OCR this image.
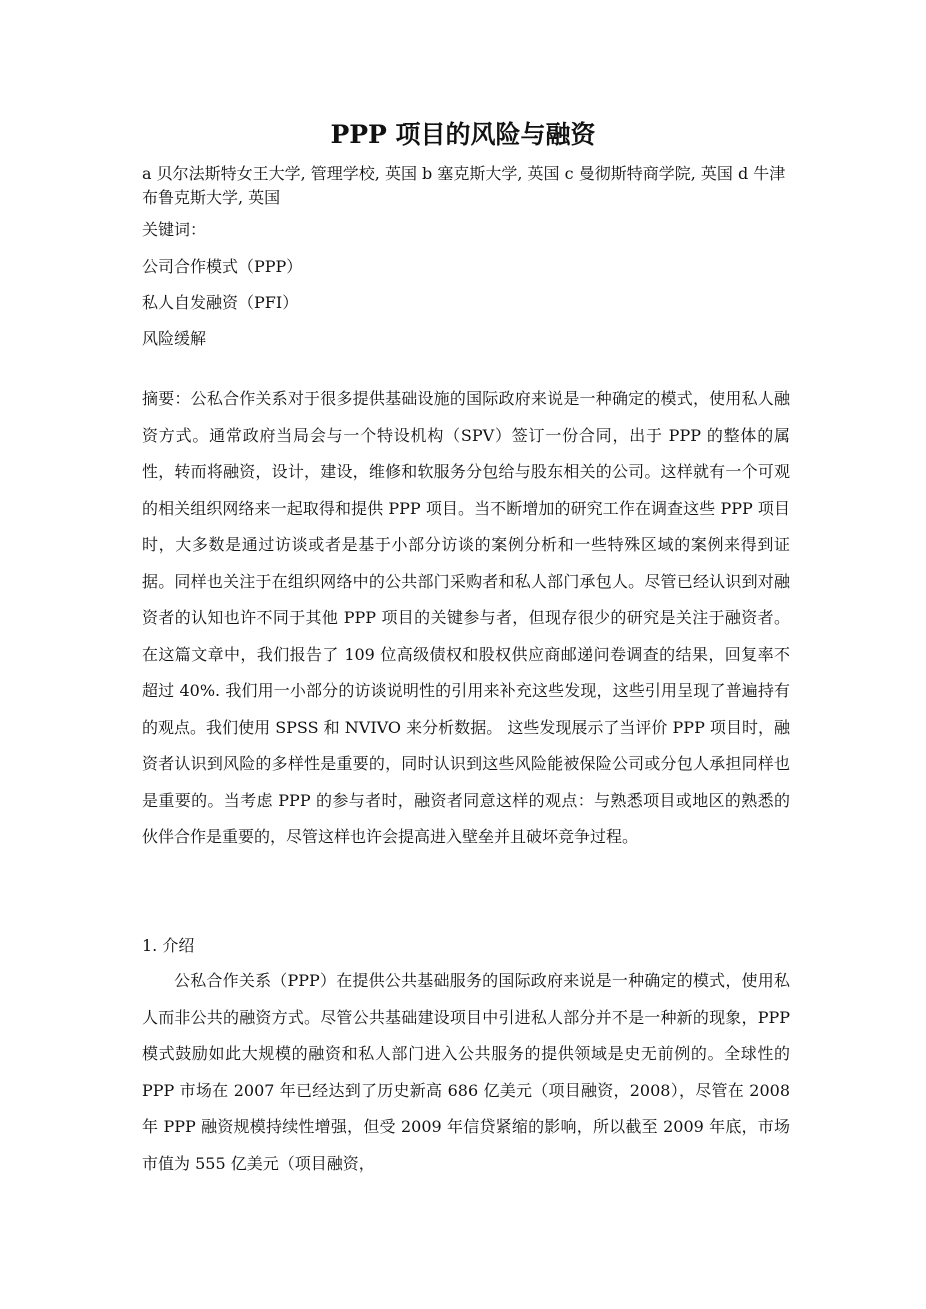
PPP 项目的风险与融资
a 贝尔法斯特女王大学, 管理学校, 英国 b 塞克斯大学, 英国 c 曼彻斯特商学院, 英国 d 牛津布鲁克斯大学, 英国
关键词：
公司合作模式（PPP）
私人自发融资（PFI）
风险缓解

摘要：公私合作关系对于很多提供基础设施的国际政府来说是一种确定的模式，使用私人融资方式。通常政府当局会与一个特设机构（SPV）签订一份合同，出于 PPP 的整体的属性，转而将融资，设计，建设，维修和软服务分包给与股东相关的公司。这样就有一个可观的相关组织网络来一起取得和提供 PPP 项目。当不断增加的研究工作在调查这些 PPP 项目时，大多数是通过访谈或者是基于小部分访谈的案例分析和一些特殊区域的案例来得到证据。同样也关注于在组织网络中的公共部门采购者和私人部门承包人。尽管已经认识到对融资者的认知也许不同于其他 PPP 项目的关键参与者，但现存很少的研究是关注于融资者。 在这篇文章中，我们报告了 109 位高级债权和股权供应商邮递问卷调查的结果，回复率不超过 40%. 我们用一小部分的访谈说明性的引用来补充这些发现，这些引用呈现了普遍持有的观点。我们使用 SPSS 和 NVIVO 来分析数据。 这些发现展示了当评价 PPP 项目时，融资者认识到风险的多样性是重要的，同时认识到这些风险能被保险公司或分包人承担同样也是重要的。当考虑 PPP 的参与者时，融资者同意这样的观点：与熟悉项目或地区的熟悉的伙伴合作是重要的，尽管这样也许会提高进入壁垒并且破坏竞争过程。

1. 介绍

公私合作关系（PPP）在提供公共基础服务的国际政府来说是一种确定的模式，使用私人而非公共的融资方式。尽管公共基础建设项目中引进私人部分并不是一种新的现象，PPP 模式鼓励如此大规模的融资和私人部门进入公共服务的提供领域是史无前例的。全球性的 PPP 市场在 2007 年已经达到了历史新高 686 亿美元（项目融资，2008），尽管在 2008 年 PPP 融资规模持续性增强，但受 2009 年信贷紧缩的影响，所以截至 2009 年底，市场市值为 555 亿美元（项目融资，
